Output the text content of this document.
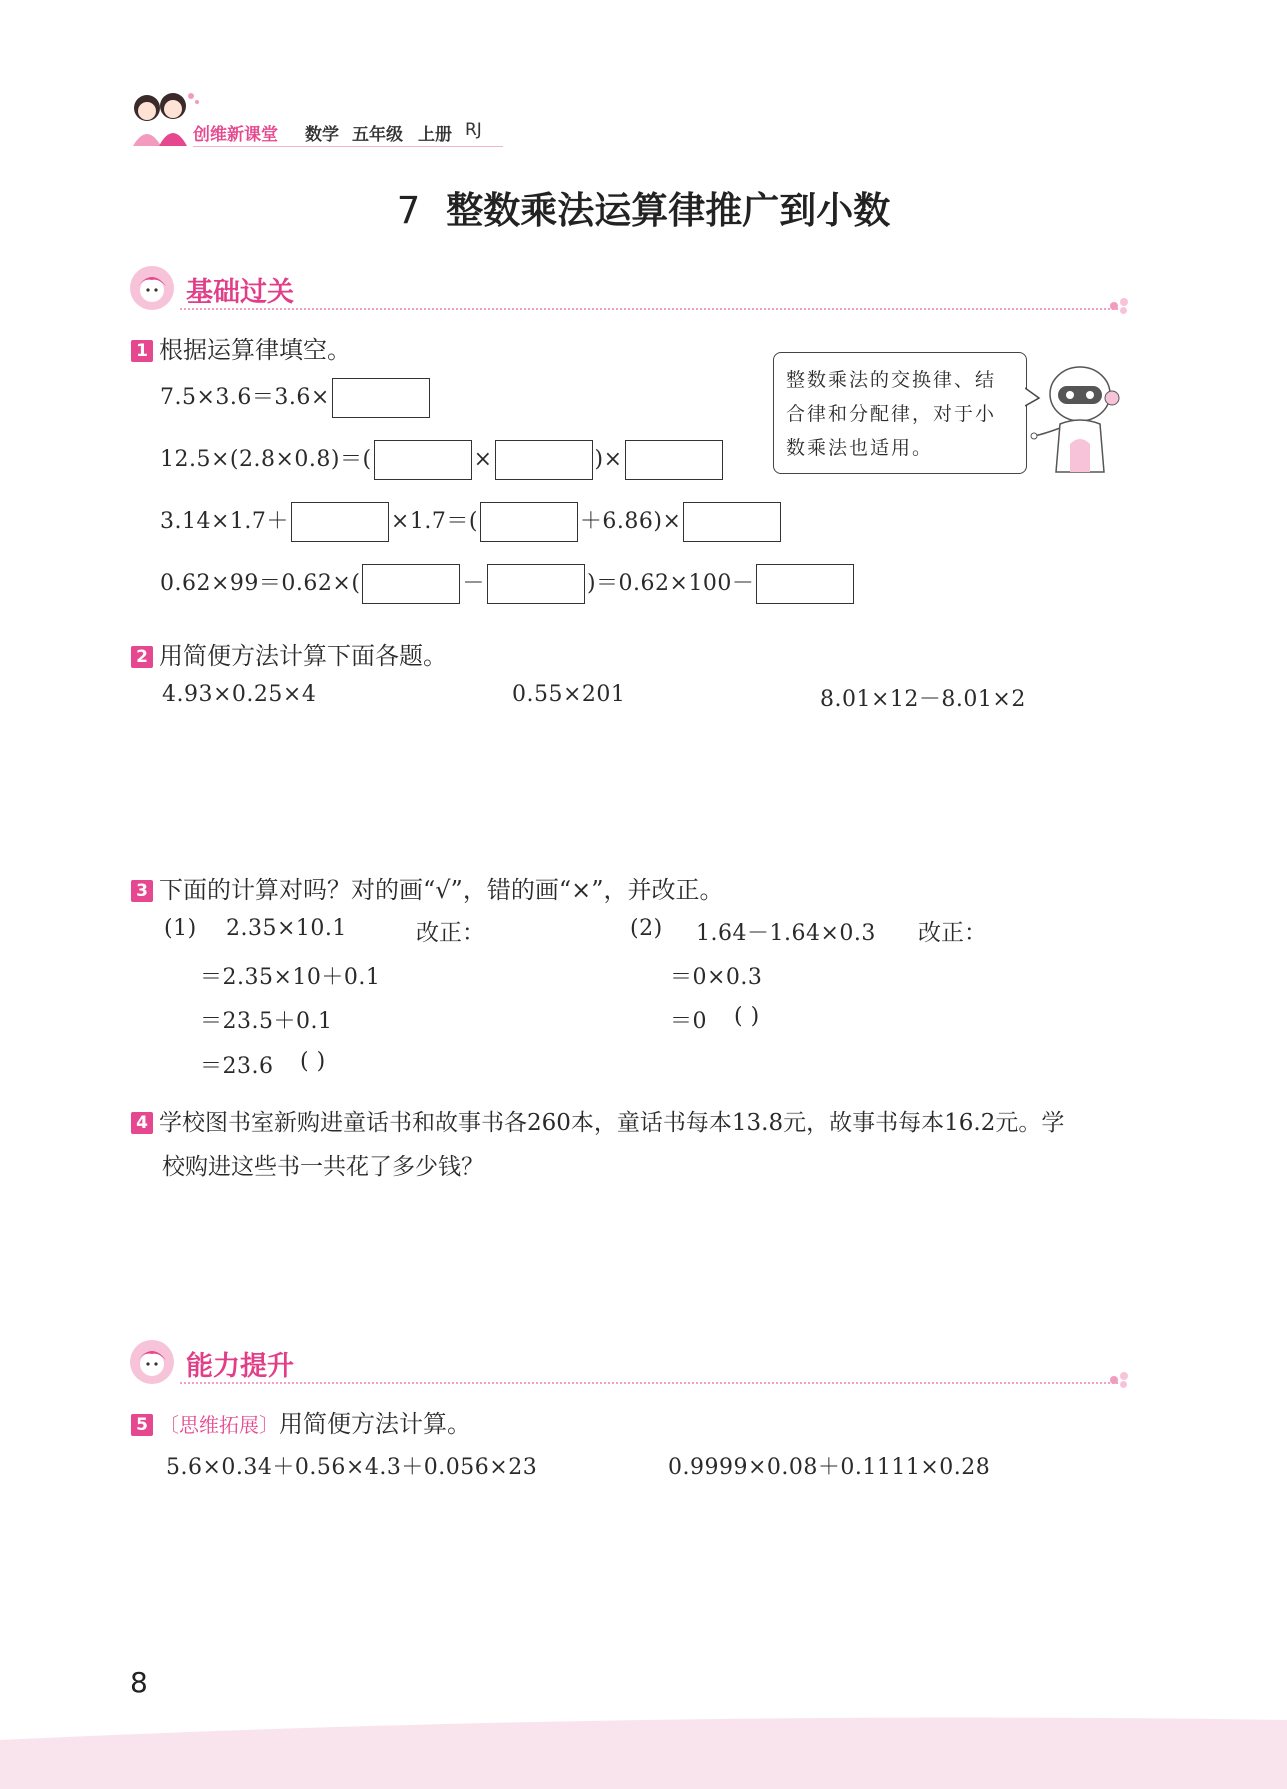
创维新课堂 数学 五年级 上册 RJ
7 整数乘法运算律推广到小数
基础过关
1 根据运算律填空。
7.5×3.6＝3.6×
12.5×(2.8×0.8)＝(	×	)×
3.14×1.7＋	×1.7＝(	＋6.86)×
0.62×99＝0.62×(	－	)＝0.62×100－
整数乘法的交换律、结
合律和分配律，对于小
数乘法也适用。
2 用简便方法计算下面各题。
4.93×0.25×4	0.55×201	8.01×12－8.01×2
3 下面的计算对吗？对的画“√”，错的画“×”，并改正。
(1) 2.35×10.1	改正：
＝2.35×10＋0.1
＝23.5＋0.1
＝23.6 ( )
(2) 1.64－1.64×0.3 改正：
＝0×0.3
＝0 ( )
4 学校图书室新购进童话书和故事书各260本，童话书每本13.8元，故事书每本16.2元。学
校购进这些书一共花了多少钱？
能力提升
5 〔思维拓展〕用简便方法计算。
5.6×0.34＋0.56×4.3＋0.056×23	0.9999×0.08＋0.1111×0.28
8
